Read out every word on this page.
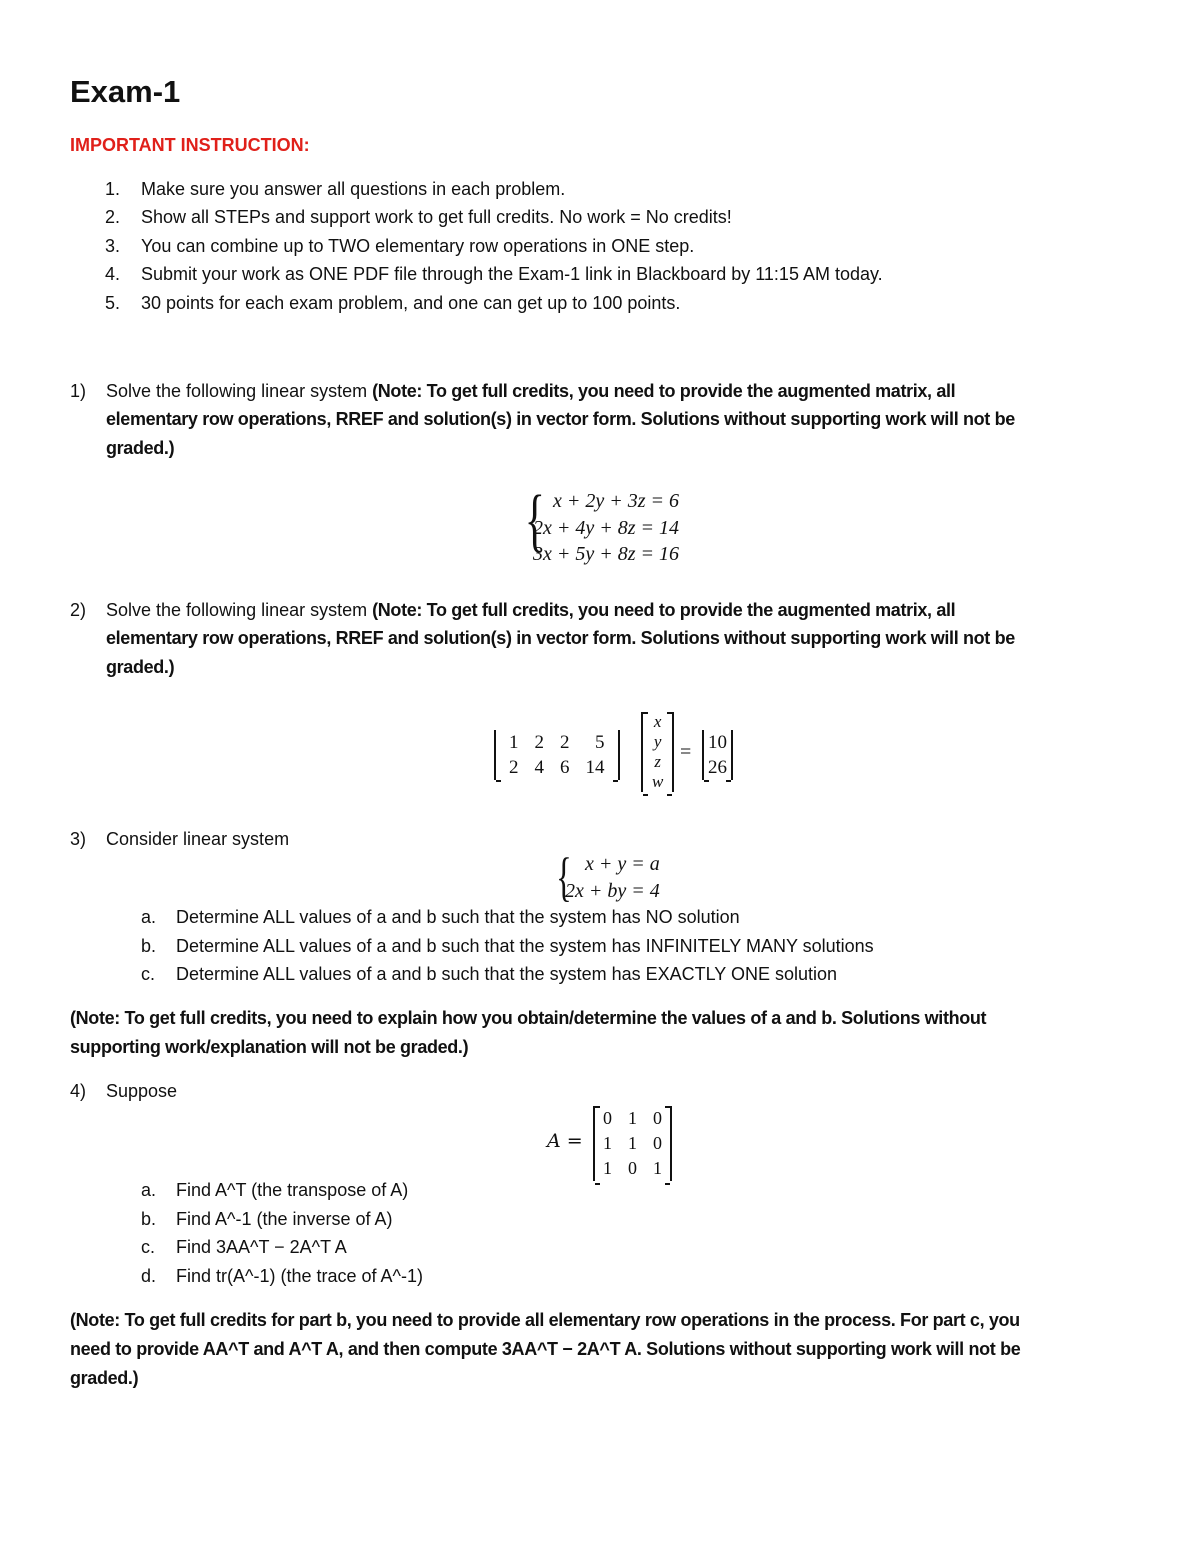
Exam-1
IMPORTANT INSTRUCTION:
1. Make sure you answer all questions in each problem.
2. Show all STEPs and support work to get full credits. No work = No credits!
3. You can combine up to TWO elementary row operations in ONE step.
4. Submit your work as ONE PDF file through the Exam-1 link in Blackboard by 11:15 AM today.
5. 30 points for each exam problem, and one can get up to 100 points.
1) Solve the following linear system (Note: To get full credits, you need to provide the augmented matrix, all
elementary row operations, RREF and solution(s) in vector form. Solutions without supporting work will not be
graded.)
{ x + 2y + 3z = 6
2x + 4y + 8z = 14
3x + 5y + 8z = 16
2) Solve the following linear system (Note: To get full credits, you need to provide the augmented matrix, all
elementary row operations, RREF and solution(s) in vector form. Solutions without supporting work will not be
graded.)
1	2	2	5
2	4	6	14
x
y
z
w
= 10
26
3) Consider linear system
{ x + y = a
2x + by = 4
a. Determine ALL values of a and b such that the system has NO solution
b. Determine ALL values of a and b such that the system has INFINITELY MANY solutions
c. Determine ALL values of a and b such that the system has EXACTLY ONE solution
(Note: To get full credits, you need to explain how you obtain/determine the values of a and b. Solutions without
supporting work/explanation will not be graded.)
4) Suppose
A =
0	1	0
1	1	0
1	0	1
a. Find A^T (the transpose of A)
b. Find A^-1 (the inverse of A)
c. Find 3AA^T − 2A^T A
d. Find tr(A^-1) (the trace of A^-1)
(Note: To get full credits for part b, you need to provide all elementary row operations in the process. For part c, you
need to provide AA^T and A^T A, and then compute 3AA^T − 2A^T A. Solutions without supporting work will not be
graded.)
